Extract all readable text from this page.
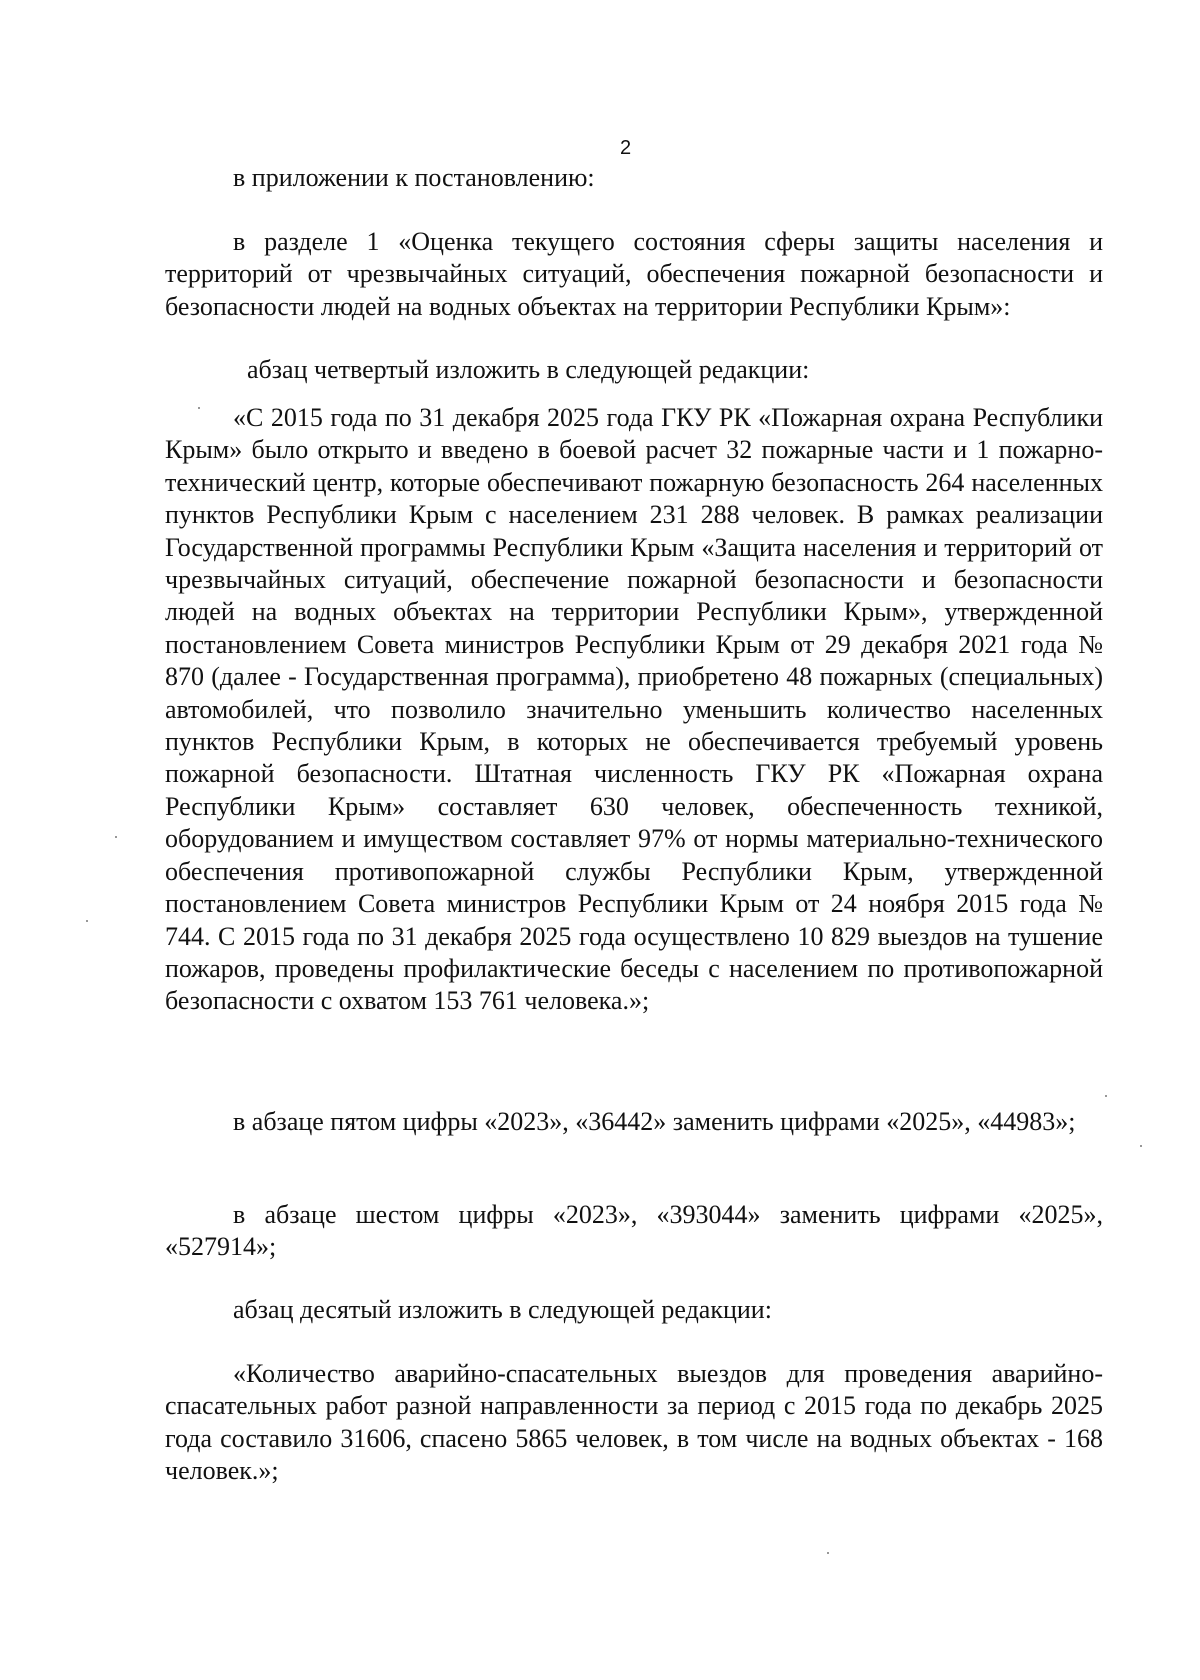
2

в приложении к постановлению:

в разделе 1 «Оценка текущего состояния сферы защиты населения и территорий от чрезвычайных ситуаций, обеспечения пожарной безопасности и безопасности людей на водных объектах на территории Республики Крым»:

абзац четвертый изложить в следующей редакции:

«С 2015 года по 31 декабря 2025 года ГКУ РК «Пожарная охрана Республики Крым» было открыто и введено в боевой расчет 32 пожарные части и 1 пожарно-технический центр, которые обеспечивают пожарную безопасность 264 населенных пунктов Республики Крым с населением 231 288 человек. В рамках реализации Государственной программы Республики Крым «Защита населения и территорий от чрезвычайных ситуаций, обеспечение пожарной безопасности и безопасности людей на водных объектах на территории Республики Крым», утвержденной постановлением Совета министров Республики Крым от 29 декабря 2021 года № 870 (далее - Государственная программа), приобретено 48 пожарных (специальных) автомобилей, что позволило значительно уменьшить количество населенных пунктов Республики Крым, в которых не обеспечивается требуемый уровень пожарной безопасности. Штатная численность ГКУ РК «Пожарная охрана Республики Крым» составляет 630 человек, обеспеченность техникой, оборудованием и имуществом составляет 97% от нормы материально-технического обеспечения противопожарной службы Республики Крым, утвержденной постановлением Совета министров Республики Крым от 24 ноября 2015 года № 744. С 2015 года по 31 декабря 2025 года осуществлено 10 829 выездов на тушение пожаров, проведены профилактические беседы с населением по противопожарной безопасности с охватом 153 761 человека.»;

в абзаце пятом цифры «2023», «36442» заменить цифрами «2025», «44983»;

в абзаце шестом цифры «2023», «393044» заменить цифрами «2025», «527914»;

абзац десятый изложить в следующей редакции:

«Количество аварийно-спасательных выездов для проведения аварийно-спасательных работ разной направленности за период с 2015 года по декабрь 2025 года составило 31606, спасено 5865 человек, в том числе на водных объектах - 168 человек.»;
